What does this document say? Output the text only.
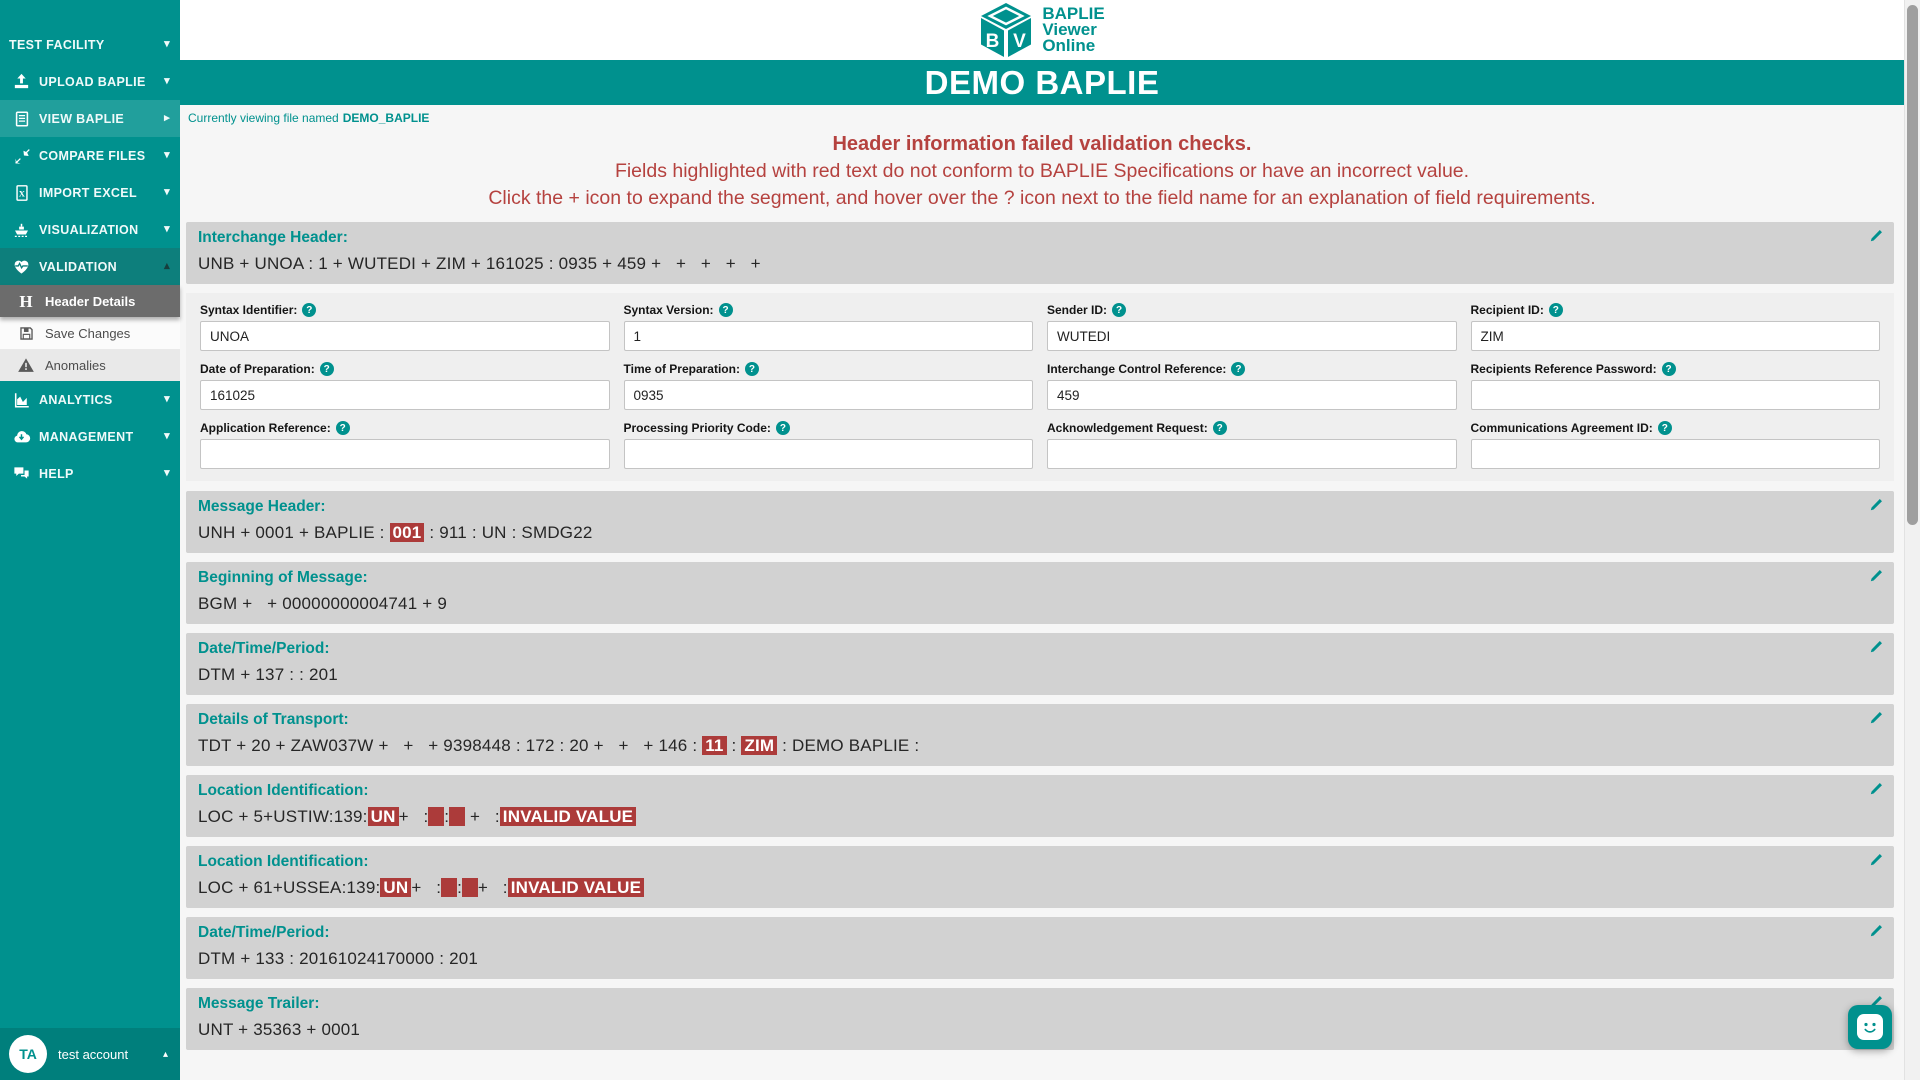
TEST FACILITY	▾
UPLOAD BAPLIE ▾
VIEW BAPLIE	▸
COMPARE FILES ▾
X IMPORT EXCEL ▾
VISUALIZATION ▾
VALIDATION	▴
H Header Details
Save Changes
Anomalies
ANALYTICS	▾
MANAGEMENT	▾
HELP	▾
TA test account	▴
B V
BAPLIE
Viewer
Online
DEMO BAPLIE
Currently viewing file named DEMO_BAPLIE
Header information failed validation checks.
Fields highlighted with red text do not conform to BAPLIE Specifications or have an incorrect value.
Click the + icon to expand the segment, and hover over the ? icon next to the field name for an explanation of field requirements.
Interchange Header:
UNB + UNOA : 1 + WUTEDI + ZIM + 161025 : 0935 + 459 +   +   +   +   +
Syntax Identifier: ?
UNOA	Syntax Version: ?
1	Sender ID: ?
WUTEDI	Recipient ID: ?
ZIM
Date of Preparation: ?
161025	Time of Preparation: ?
0935	Interchange Control Reference: ?
459	Recipients Reference Password: ?
Application Reference: ?	Processing Priority Code: ?	Acknowledgement Request: ?	Communications Agreement ID: ?
Message Header:
UNH + 0001 + BAPLIE : 001 : 911 : UN : SMDG22
Beginning of Message:
BGM +   + 00000000004741 + 9
Date/Time/Period:
DTM + 137 : : 201
Details of Transport:
TDT + 20 + ZAW037W +   +   + 9398448 : 172 : 20 +   +   + 146 : 11 : ZIM : DEMO BAPLIE :
Location Identification:
LOC + 5+USTIW:139: UN +   : :   +   : INVALID VALUE
Location Identification:
LOC + 61+USSEA:139: UN +   : : +   : INVALID VALUE
Date/Time/Period:
DTM + 133 : 20161024170000 : 201
Message Trailer:
UNT + 35363 + 0001
